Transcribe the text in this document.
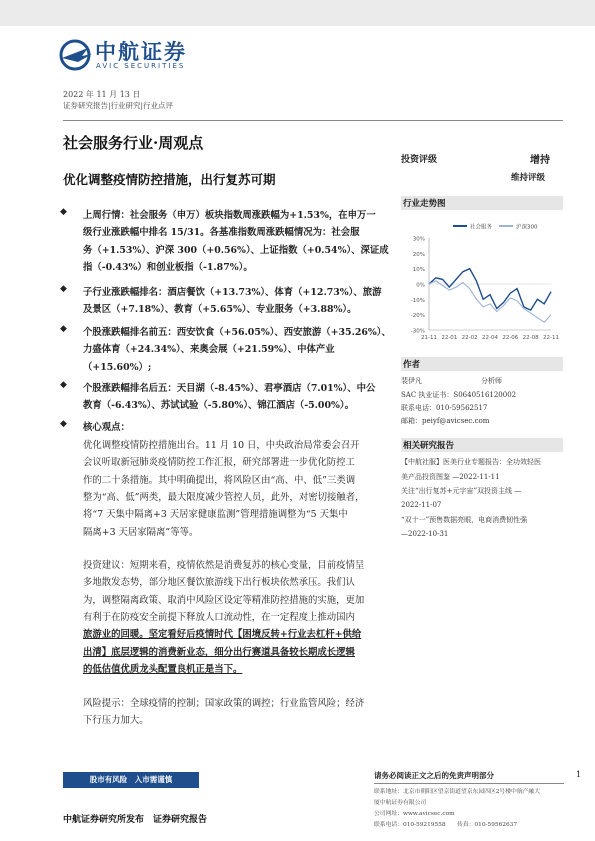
中航证券
AVIC SECURITIES
2022 年 11 月 13 日
证券研究报告|行业研究|行业点评
社会服务行业·周观点
优化调整疫情防控措施，出行复苏可期
投资评级	增持
维持评级
◆ 上周行情：社会服务（申万）板块指数周涨跌幅为+1.53%，在申万一
级行业涨跌幅中排名 15/31。各基准指数周涨跌幅情况为：社会服
务（+1.53%）、沪深 300（+0.56%）、上证指数（+0.54%）、深证成
指（-0.43%）和创业板指（-1.87%）。
◆ 子行业涨跌幅排名：酒店餐饮（+13.73%）、体育（+12.73%）、旅游
及景区（+7.18%）、教育（+5.65%）、专业服务（+3.88%）。
◆ 个股涨跌幅排名前五：西安饮食（+56.05%）、西安旅游（+35.26%）、
力盛体育（+24.34%）、来奥会展（+21.59%）、中体产业
（+15.60%）;
◆ 个股涨跌幅排名后五：天目湖（-8.45%）、君亭酒店（7.01%）、中公
教育（-6.43%）、苏试试验（-5.80%）、锦江酒店（-5.00%）。
◆ 核心观点：
优化调整疫情防控措施出台。11 月 10 日，中央政治局常委会召开
会议听取新冠肺炎疫情防控工作汇报，研究部署进一步优化防控工
作的二十条措施。其中明确提出，将风险区由“高、中、低”三类调
整为“高、低”两类，最大限度减少管控人员，此外，对密切接触者，
将“7 天集中隔离+3 天居家健康监测”管理措施调整为“5 天集中
隔离+3 天居家隔离”等等。
投资建议：短期来看，疫情依然是消费复苏的核心变量，目前疫情呈
多地散发态势，部分地区餐饮旅游线下出行板块依然承压。我们认
为，调整隔离政策、取消中风险区设定等精准防控措施的实施，更加
有利于在防疫安全前提下释放人口流动性，在一定程度上推动国内
旅游业的回暖。坚定看好后疫情时代【困境反转+行业去杠杆+供给
出清】底层逻辑的消费新业态，细分出行赛道具备较长期成长逻辑
的低估值优质龙头配置良机正是当下。
风险提示：全球疫情的控制；国家政策的调控；行业监管风险；经济
下行压力加大。
行业走势图
30%
20%
10%
0%
-10%
-20%
-30%
21-11 22-01 22-02 22-04 22-06 22-08 22-11
社会服务	沪深300
作者
裴伊凡	分析师
SAC 执业证书：S0640516120002
联系电话：010-59562517
邮箱：peiyf@avicsec.com
相关研究报告
【中航社服】医美行业专题报告：全功效轻医
美产品投资图鉴 —2022-11-11
关注“出行复苏+元宇宙”双投资主线 —
2022-11-07
“双十一”预售数据亮眼，电商消费韧性强
—2022-10-31
股市有风险　入市需谨慎	请务必阅读正文之后的免责声明部分	1
联系地址：北京市朝阳区望京街道望京东园四区2号楼中航产融大
厦中航证券有限公司
公司网址：www.avicsec.com
联系电话：010-59219558　　传真：010-59562637
中航证券研究所发布　证券研究报告
